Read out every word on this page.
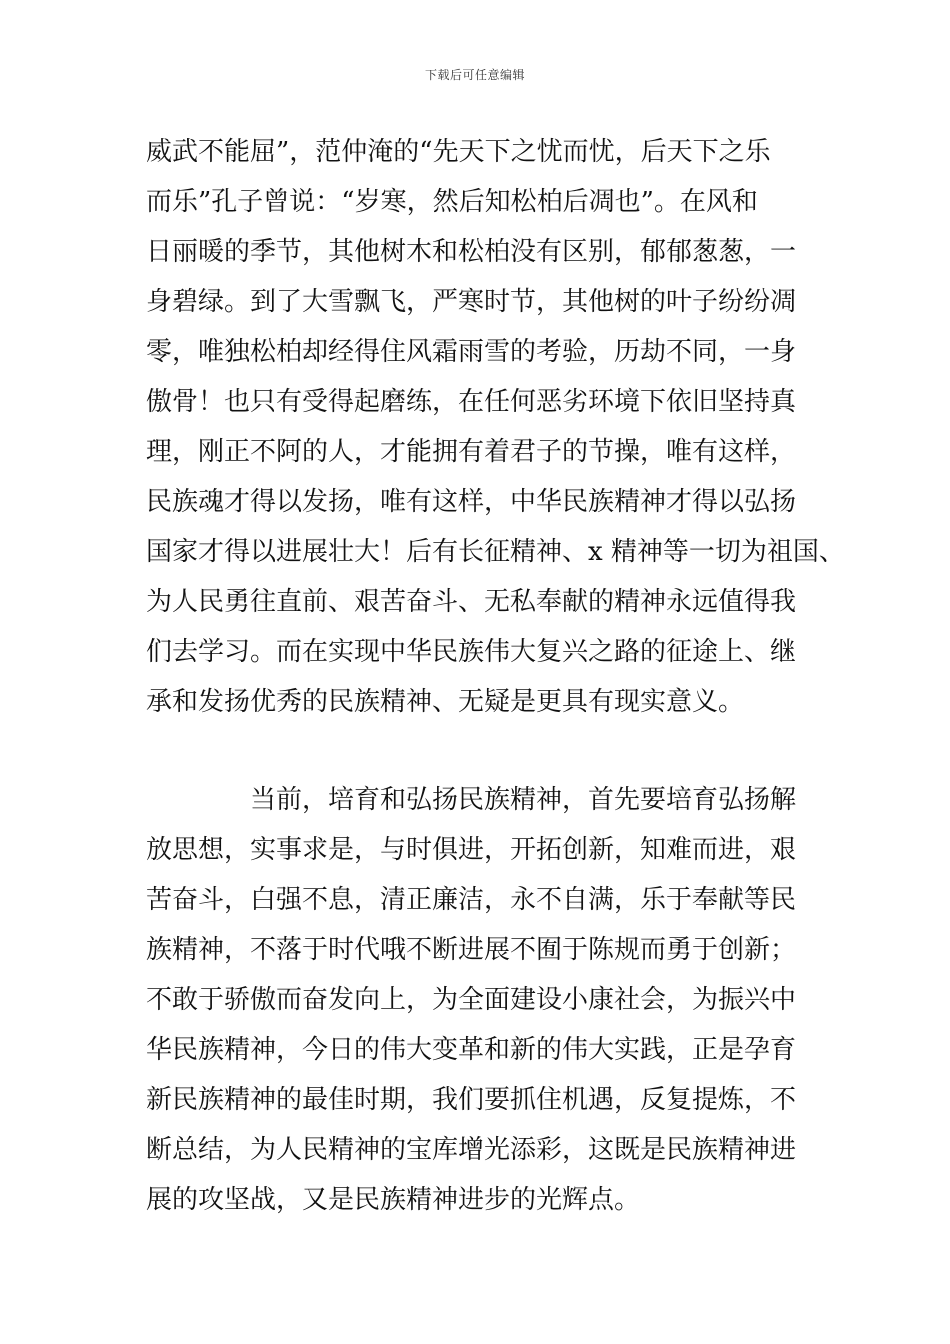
下载后可任意编辑
威武不能屈”，范仲淹的“先天下之忧而忧，后天下之乐
而乐”孔子曾说：“岁寒，然后知松柏后凋也”。在风和
日丽暖的季节，其他树木和松柏没有区别，郁郁葱葱，一
身碧绿。到了大雪飘飞，严寒时节，其他树的叶子纷纷凋
零，唯独松柏却经得住风霜雨雪的考验，历劫不同，一身
傲骨！也只有受得起磨练，在任何恶劣环境下依旧坚持真
理，刚正不阿的人，才能拥有着君子的节操，唯有这样，
民族魂才得以发扬，唯有这样，中华民族精神才得以弘扬
国家才得以进展壮大！后有长征精神、x 精神等一切为祖国、
为人民勇往直前、艰苦奋斗、无私奉献的精神永远值得我
们去学习。而在实现中华民族伟大复兴之路的征途上、继
承和发扬优秀的民族精神、无疑是更具有现实意义。
当前，培育和弘扬民族精神，首先要培育弘扬解
放思想，实事求是，与时俱进，开拓创新，知难而进，艰
苦奋斗，白强不息，清正廉洁，永不自满，乐于奉献等民
族精神，不落于时代哦不断进展不囿于陈规而勇于创新；
不敢于骄傲而奋发向上，为全面建设小康社会，为振兴中
华民族精神，今日的伟大变革和新的伟大实践，正是孕育
新民族精神的最佳时期，我们要抓住机遇，反复提炼，不
断总结，为人民精神的宝库增光添彩，这既是民族精神进
展的攻坚战，又是民族精神进步的光辉点。
